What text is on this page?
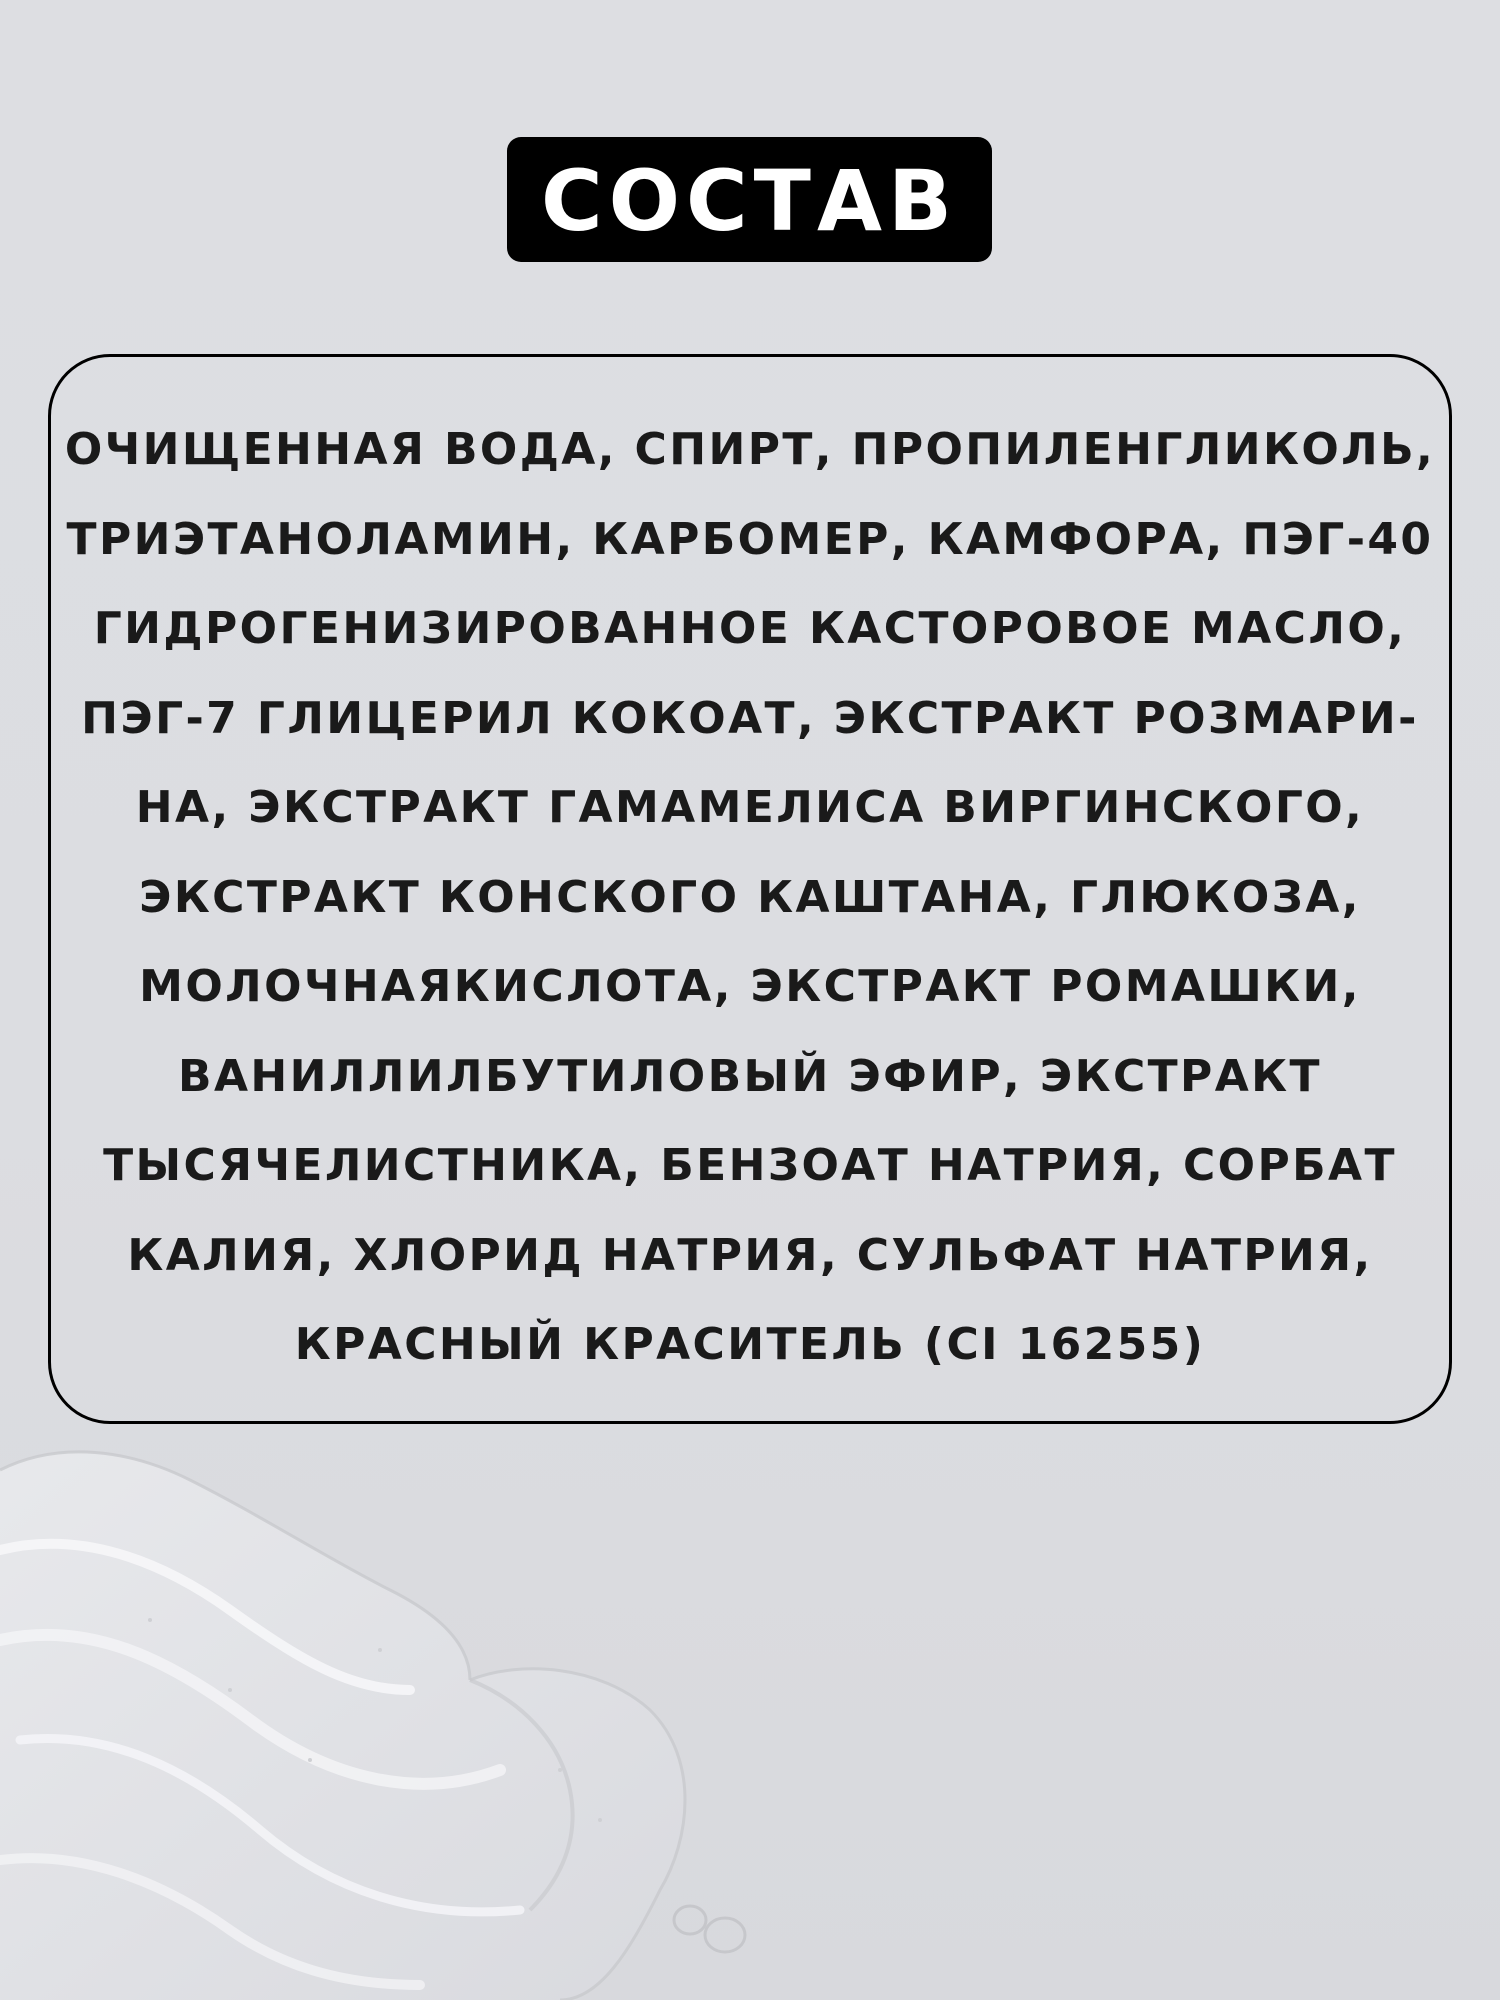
СОСТАВ

ОЧИЩЕННАЯ ВОДА, СПИРТ, ПРОПИЛЕНГЛИКОЛЬ,
ТРИЭТАНОЛАМИН, КАРБОМЕР, КАМФОРА, ПЭГ-40
ГИДРОГЕНИЗИРОВАННОЕ КАСТОРОВОЕ МАСЛО,
ПЭГ-7 ГЛИЦЕРИЛ КОКОАТ, ЭКСТРАКТ РОЗМАРИ-
НА, ЭКСТРАКТ ГАМАМЕЛИСА ВИРГИНСКОГО,
ЭКСТРАКТ КОНСКОГО КАШТАНА, ГЛЮКОЗА,
МОЛОЧНАЯКИСЛОТА, ЭКСТРАКТ РОМАШКИ,
ВАНИЛЛИЛБУТИЛОВЫЙ ЭФИР, ЭКСТРАКТ
ТЫСЯЧЕЛИСТНИКА, БЕНЗОАТ НАТРИЯ, СОРБАТ
КАЛИЯ, ХЛОРИД НАТРИЯ, СУЛЬФАТ НАТРИЯ,
КРАСНЫЙ КРАСИТЕЛЬ (CI 16255)
